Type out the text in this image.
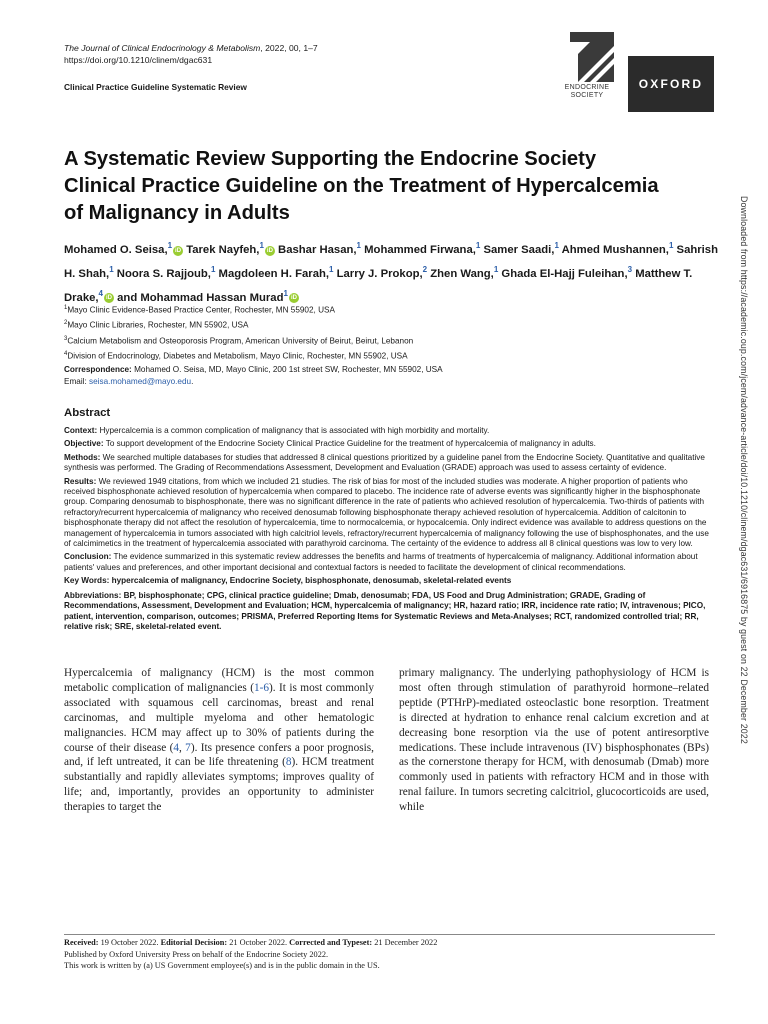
The Journal of Clinical Endocrinology & Metabolism, 2022, 00, 1–7
https://doi.org/10.1210/clinem/dgac631
Clinical Practice Guideline Systematic Review	ENDOCRINE
SOCIETY
OXFORD
A Systematic Review Supporting the Endocrine Society Clinical Practice Guideline on the Treatment of Hypercalcemia of Malignancy in Adults
Mohamed O. Seisa,$^1$iD Tarek Nayfeh,$^1$iD Bashar Hasan,$^1$ Mohammed Firwana,$^1$ Samer Saadi,$^1$ Ahmed Mushannen,$^1$ Sahrish H. Shah,$^1$ Noora S. Rajjoub,$^1$ Magdoleen H. Farah,$^1$ Larry J. Prokop,$^2$ Zhen Wang,$^1$ Ghada El-Hajj Fuleihan,$^3$ Matthew T. Drake,$^4$iD and Mohammad Hassan Murad$^1$iD
$^1$Mayo Clinic Evidence-Based Practice Center, Rochester, MN 55902, USA
$^2$Mayo Clinic Libraries, Rochester, MN 55902, USA
$^3$Calcium Metabolism and Osteoporosis Program, American University of Beirut, Beirut, Lebanon
$^4$Division of Endocrinology, Diabetes and Metabolism, Mayo Clinic, Rochester, MN 55902, USA
Correspondence: Mohamed O. Seisa, MD, Mayo Clinic, 200 1st street SW, Rochester, MN 55902, USA
Email: seisa.mohamed@mayo.edu.
Abstract

Context: Hypercalcemia is a common complication of malignancy that is associated with high morbidity and mortality.

Objective: To support development of the Endocrine Society Clinical Practice Guideline for the treatment of hypercalcemia of malignancy in adults.

Methods: We searched multiple databases for studies that addressed 8 clinical questions prioritized by a guideline panel from the Endocrine Society. Quantitative and qualitative synthesis was performed. The Grading of Recommendations Assessment, Development and Evaluation (GRADE) approach was used to assess certainty of evidence.

Results: We reviewed 1949 citations, from which we included 21 studies. The risk of bias for most of the included studies was moderate. A higher proportion of patients who received bisphosphonate achieved resolution of hypercalcemia when compared to placebo. The incidence rate of adverse events was significantly higher in the bisphosphonate group. Comparing denosumab to bisphosphonate, there was no significant difference in the rate of patients who achieved resolution of hypercalcemia. Two-thirds of patients with refractory/recurrent hypercalcemia of malignancy who received denosumab following bisphosphonate therapy achieved resolution of hypercalcemia. Addition of calcitonin to bisphosphonate therapy did not affect the resolution of hypercalcemia, time to normocalcemia, or hypocalcemia. Only indirect evidence was available to address questions on the management of hypercalcemia in tumors associated with high calcitriol levels, refractory/recurrent hypercalcemia of malignancy following the use of bisphosphonates, and the use of calcimimetics in the treatment of hypercalcemia associated with parathyroid carcinoma. The certainty of the evidence to address all 8 clinical questions was low to very low.

Conclusion: The evidence summarized in this systematic review addresses the benefits and harms of treatments of hypercalcemia of malignancy. Additional information about patients' values and preferences, and other important decisional and contextual factors is needed to facilitate the development of clinical recommendations.

Key Words: hypercalcemia of malignancy, Endocrine Society, bisphosphonate, denosumab, skeletal-related events

Abbreviations: BP, bisphosphonate; CPG, clinical practice guideline; Dmab, denosumab; FDA, US Food and Drug Administration; GRADE, Grading of Recommendations, Assessment, Development and Evaluation; HCM, hypercalcemia of malignancy; HR, hazard ratio; IRR, incidence rate ratio; IV, intravenous; PICO, patient, intervention, comparison, outcomes; PRISMA, Preferred Reporting Items for Systematic Reviews and Meta-Analyses; RCT, randomized controlled trial; RR, relative risk; SRE, skeletal-related event.

Hypercalcemia of malignancy (HCM) is the most common metabolic complication of malignancies (1-6). It is most commonly associated with squamous cell carcinomas, breast and renal carcinomas, and multiple myeloma and other hematologic malignancies. HCM may affect up to 30% of patients during the course of their disease (4, 7). Its presence confers a poor prognosis, and, if left untreated, it can be life threatening (8). HCM treatment substantially and rapidly alleviates symptoms; improves quality of life; and, importantly, provides an opportunity to administer therapies to target the
primary malignancy. The underlying pathophysiology of HCM is most often through stimulation of parathyroid hormone–related peptide (PTHrP)-mediated osteoclastic bone resorption. Treatment is directed at hydration to enhance renal calcium excretion and at decreasing bone resorption via the use of potent antiresorptive medications. These include intravenous (IV) bisphosphonates (BPs) as the cornerstone therapy for HCM, with denosumab (Dmab) more commonly used in patients with refractory HCM and in those with renal failure. In tumors secreting calcitriol, glucocorticoids are used, while
Received: 19 October 2022. Editorial Decision: 21 October 2022. Corrected and Typeset: 21 December 2022
Published by Oxford University Press on behalf of the Endocrine Society 2022.
This work is written by (a) US Government employee(s) and is in the public domain in the US.
Downloaded from https://academic.oup.com/jcem/advance-article/doi/10.1210/clinem/dgac631/6916875 by guest on 22 December 2022
